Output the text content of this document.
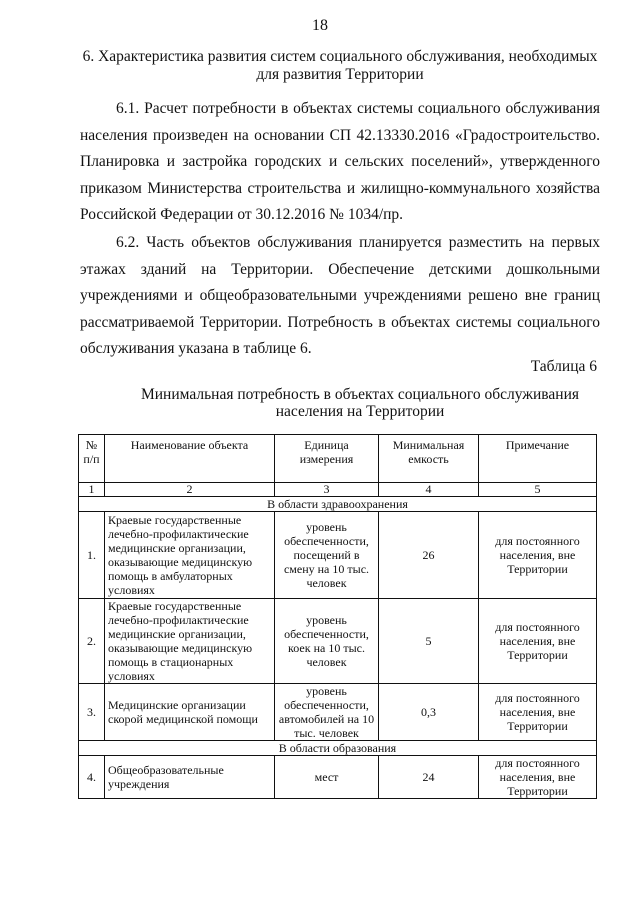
18
6. Характеристика развития систем социального обслуживания, необходимых для развития Территории

6.1. Расчет потребности в объектах системы социального обслуживания населения произведен на основании СП 42.13330.2016 «Градостроительство. Планировка и застройка городских и сельских поселений», утвержденного приказом Министерства строительства и жилищно-коммунального хозяйства Российской Федерации от 30.12.2016 № 1034/пр.

6.2. Часть объектов обслуживания планируется разместить на первых этажах зданий на Территории. Обеспечение детскими дошкольными учреждениями и общеобразовательными учреждениями решено вне границ рассматриваемой Территории. Потребность в объектах системы социального обслуживания указана в таблице 6.

Таблица 6
Минимальная потребность в объектах социального обслуживания населения на Территории
№ п/п	Наименование объекта	Единица измерения	Минимальная емкость	Примечание
1	2	3	4	5
В области здравоохранения				
1.	Краевые государственные лечебно-профилактические медицинские организации, оказывающие медицинскую помощь в амбулаторных условиях	уровень обеспеченности, посещений в смену на 10 тыс. человек	26	для постоянного населения, вне Территории
2.	Краевые государственные лечебно-профилактические медицинские организации, оказывающие медицинскую помощь в стационарных условиях	уровень обеспеченности, коек на 10 тыс. человек	5	для постоянного населения, вне Территории
3.	Медицинские организации скорой медицинской помощи	уровень обеспеченности, автомобилей на 10 тыс. человек	0,3	для постоянного населения, вне Территории
В области образования				
4.	Общеобразовательные учреждения	мест	24	для постоянного населения, вне Территории
